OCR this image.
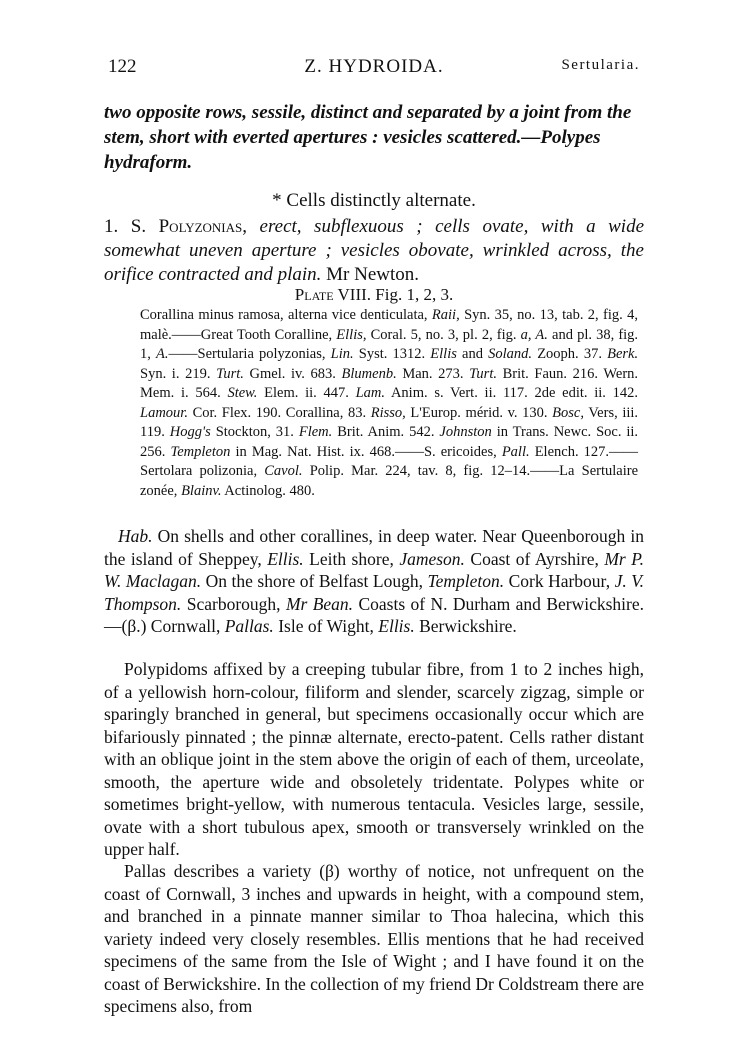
122	Z. HYDROIDA.	Sertularia.
two opposite rows, sessile, distinct and separated by a joint from the stem, short with everted apertures : vesicles scattered.—Polypes hydraform.
* Cells distinctly alternate.
1. S. Polyzonias, erect, subflexuous ; cells ovate, with a wide somewhat uneven aperture ; vesicles obovate, wrinkled across, the orifice contracted and plain. Mr Newton.
Plate VIII. Fig. 1, 2, 3.
Corallina minus ramosa, alterna vice denticulata, Raii, Syn. 35, no. 13, tab. 2, fig. 4, malè.——Great Tooth Coralline, Ellis, Coral. 5, no. 3, pl. 2, fig. a, A. and pl. 38, fig. 1, A.——Sertularia polyzonias, Lin. Syst. 1312. Ellis and Soland. Zooph. 37. Berk. Syn. i. 219. Turt. Gmel. iv. 683. Blumenb. Man. 273. Turt. Brit. Faun. 216. Wern. Mem. i. 564. Stew. Elem. ii. 447. Lam. Anim. s. Vert. ii. 117. 2de edit. ii. 142. Lamour. Cor. Flex. 190. Corallina, 83. Risso, L'Europ. mérid. v. 130. Bosc, Vers, iii. 119. Hogg's Stockton, 31. Flem. Brit. Anim. 542. Johnston in Trans. Newc. Soc. ii. 256. Templeton in Mag. Nat. Hist. ix. 468.——S. ericoides, Pall. Elench. 127.——Sertolara polizonia, Cavol. Polip. Mar. 224, tav. 8, fig. 12–14.——La Sertulaire zonée, Blainv. Actinolog. 480.

Hab. On shells and other corallines, in deep water. Near Queenborough in the island of Sheppey, Ellis. Leith shore, Jameson. Coast of Ayrshire, Mr P. W. Maclagan. On the shore of Belfast Lough, Templeton. Cork Harbour, J. V. Thompson. Scarborough, Mr Bean. Coasts of N. Durham and Berwickshire.—(β.) Cornwall, Pallas. Isle of Wight, Ellis. Berwickshire.

Polypidoms affixed by a creeping tubular fibre, from 1 to 2 inches high, of a yellowish horn-colour, filiform and slender, scarcely zigzag, simple or sparingly branched in general, but specimens occasionally occur which are bifariously pinnated ; the pinnæ alternate, erecto-patent. Cells rather distant with an oblique joint in the stem above the origin of each of them, urceolate, smooth, the aperture wide and obsoletely tridentate. Polypes white or sometimes bright-yellow, with numerous tentacula. Vesicles large, sessile, ovate with a short tubulous apex, smooth or transversely wrinkled on the upper half.

Pallas describes a variety (β) worthy of notice, not unfrequent on the coast of Cornwall, 3 inches and upwards in height, with a compound stem, and branched in a pinnate manner similar to Thoa halecina, which this variety indeed very closely resembles. Ellis mentions that he had received specimens of the same from the Isle of Wight ; and I have found it on the coast of Berwickshire. In the collection of my friend Dr Coldstream there are specimens also, from
